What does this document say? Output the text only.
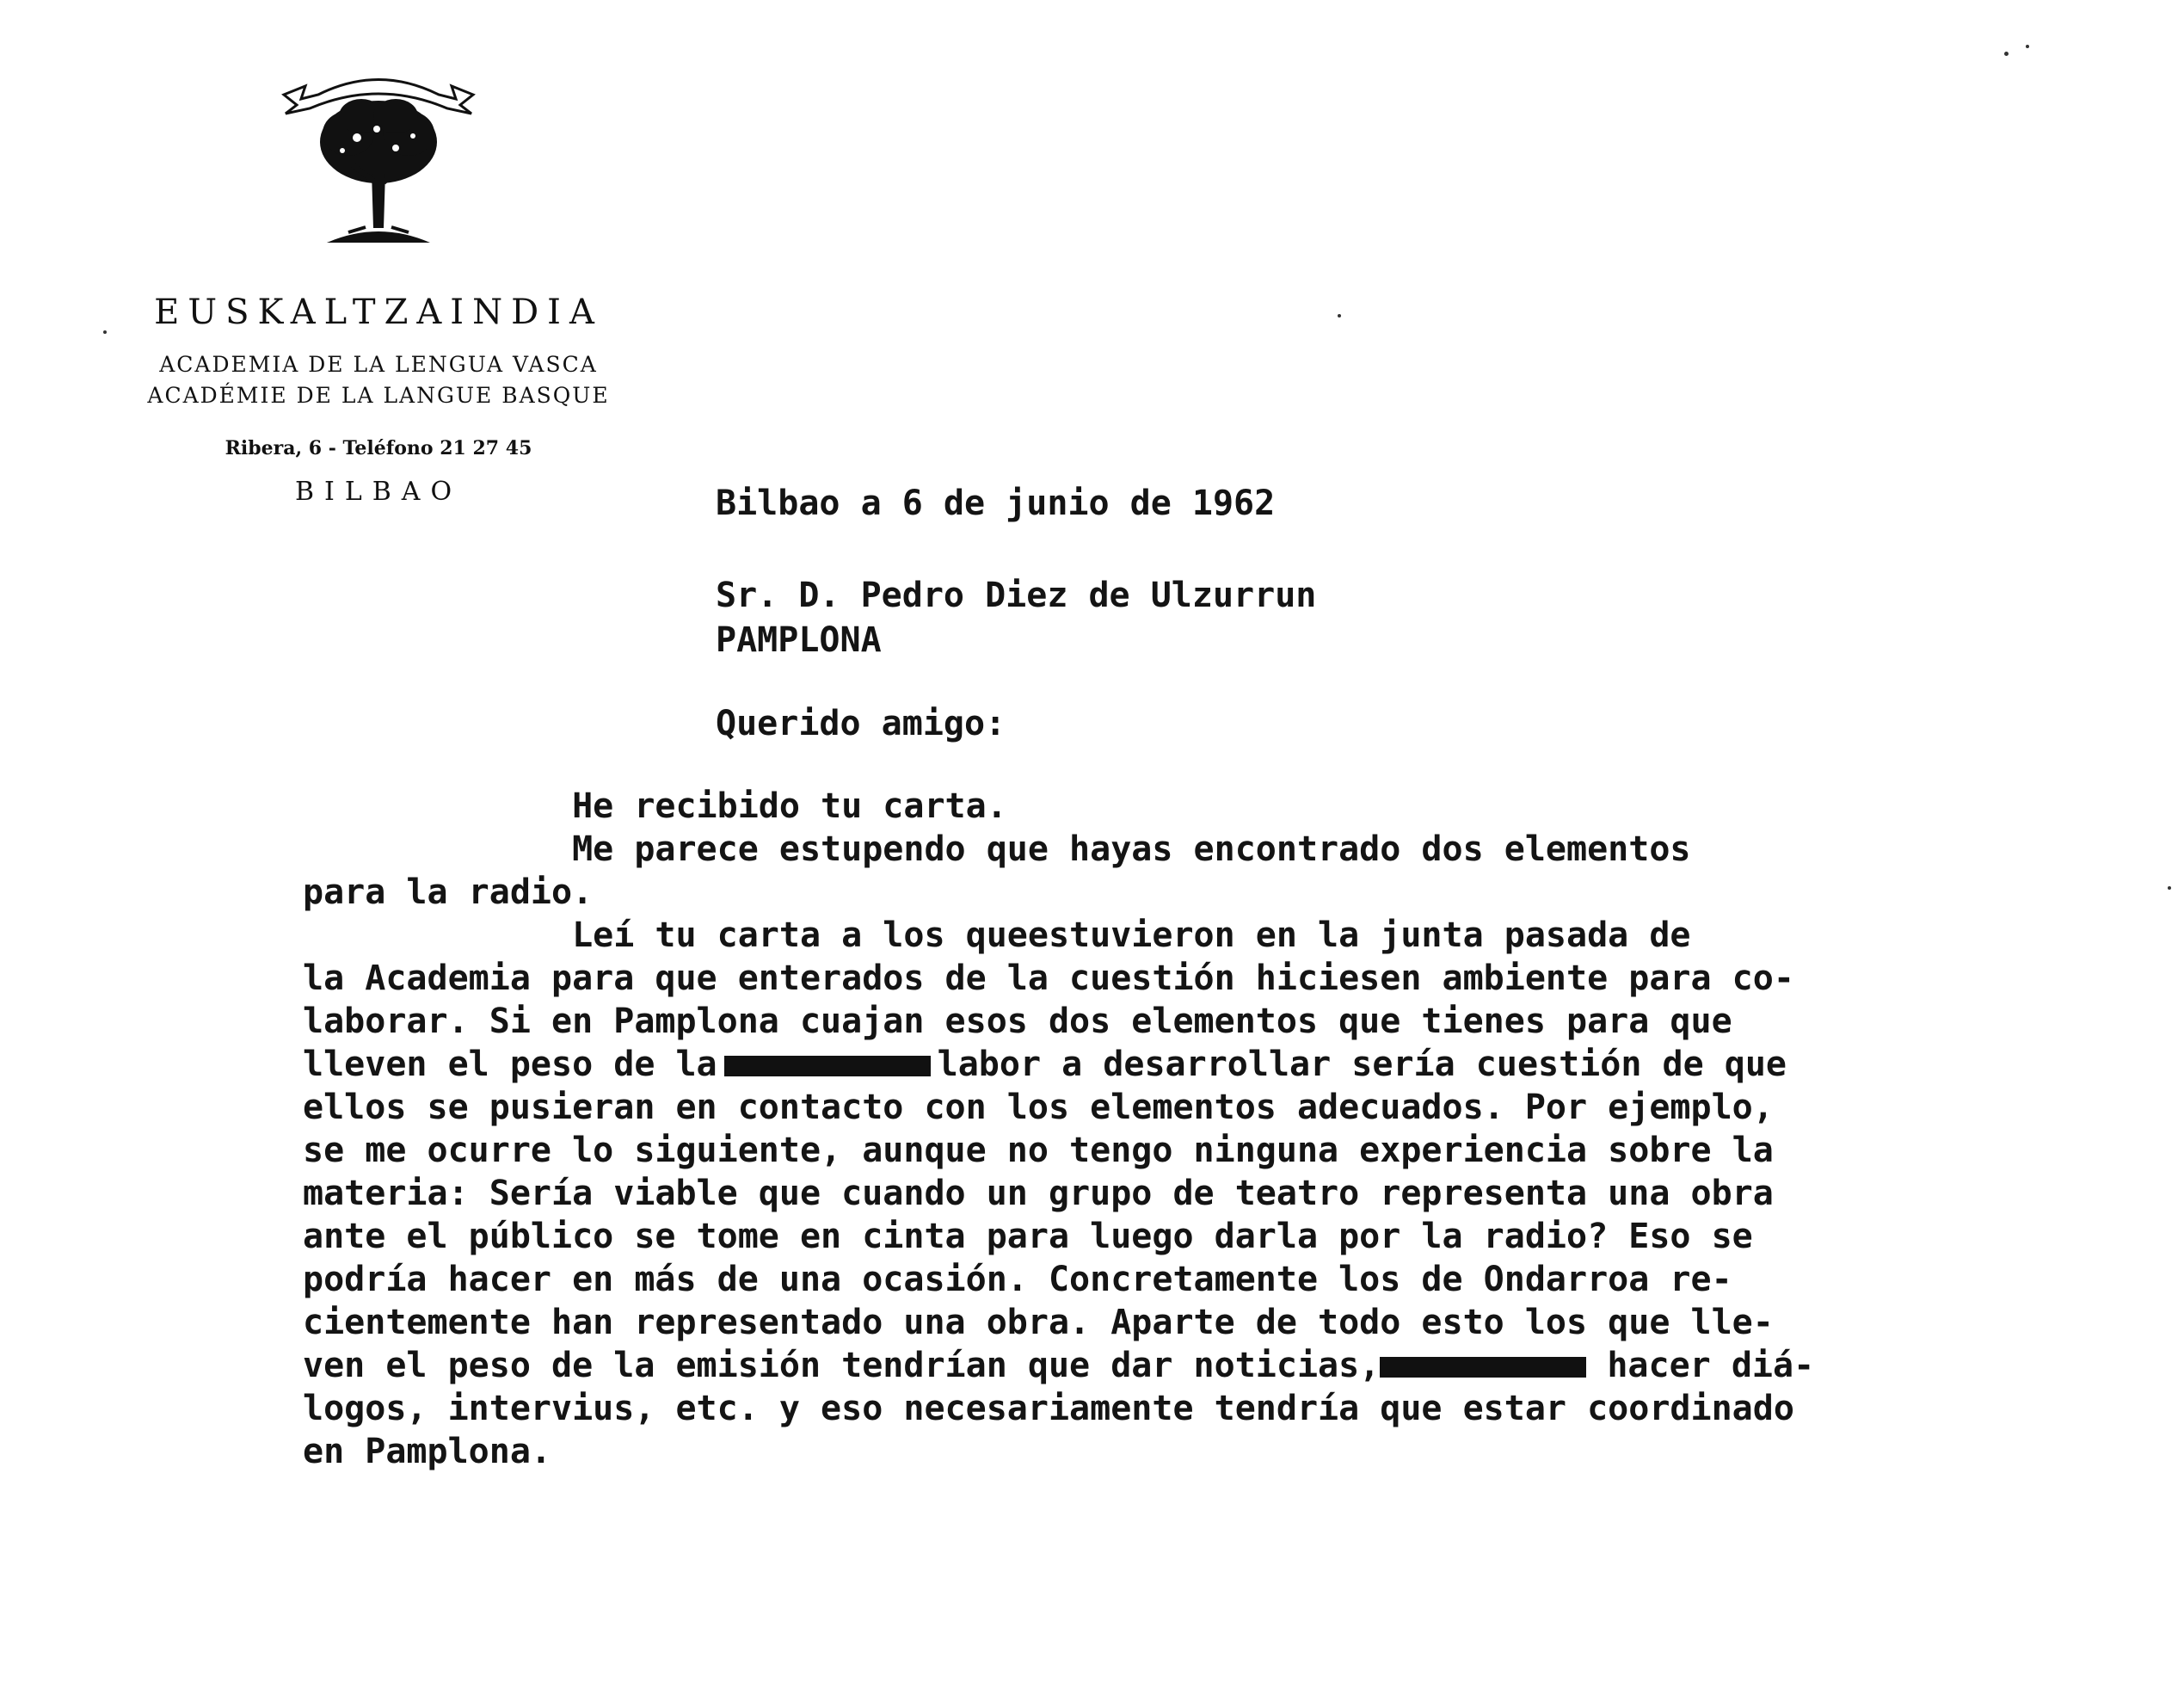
EUSKALTZAINDIA
ACADEMIA DE LA LENGUA VASCA
ACADÉMIE DE LA LANGUE BASQUE
Ribera, 6 - Teléfono 21 27 45
BILBAO	Bilbao a 6 de junio de 1962
Sr. D. Pedro Diez de Ulzurrun
PAMPLONA
Querido amigo:
He recibido tu carta.
Me parece estupendo que hayas encontrado dos elementos
para la radio.
Leí tu carta a los queestuvieron en la junta pasada de
la Academia para que enterados de la cuestión hiciesen ambiente para co-
laborar. Si en Pamplona cuajan esos dos elementos que tienes para que
lleven el peso de la	labor a desarrollar sería cuestión de que
ellos se pusieran en contacto con los elementos adecuados. Por ejemplo,
se me ocurre lo siguiente, aunque no tengo ninguna experiencia sobre la
materia: Sería viable que cuando un grupo de teatro representa una obra
ante el público se tome en cinta para luego darla por la radio? Eso se
podría hacer en más de una ocasión. Concretamente los de Ondarroa re-
cientemente han representado una obra. Aparte de todo esto los que lle-
ven el peso de la emisión tendrían que dar noticias,	hacer diá-
logos, intervius, etc. y eso necesariamente tendría que estar coordinado
en Pamplona.
